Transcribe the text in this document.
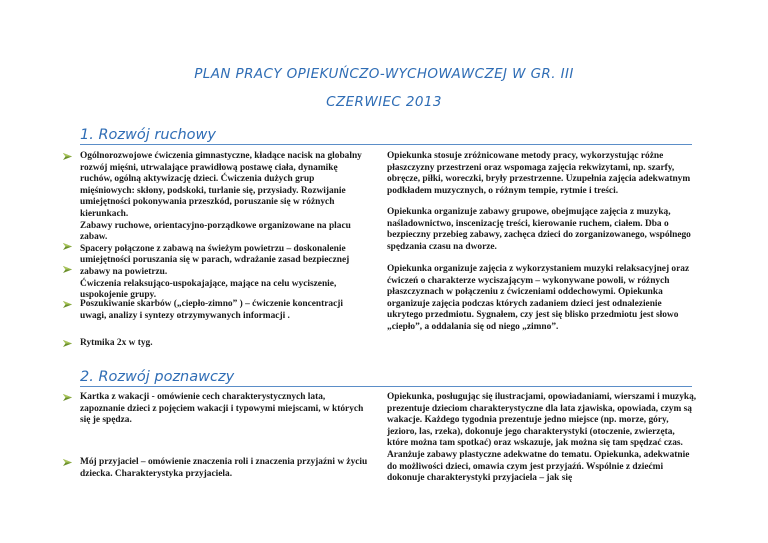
PLAN PRACY OPIEKUŃCZO-WYCHOWAWCZEJ W GR. III
CZERWIEC 2013
1. Rozwój ruchowy

Ogólnorozwojowe ćwiczenia gimnastyczne, kładące nacisk na globalny rozwój mięśni, utrwalające prawidłową postawę ciała, dynamikę ruchów, ogólną aktywizację dzieci. Ćwiczenia dużych grup mięśniowych: skłony, podskoki, turlanie się, przysiady. Rozwijanie umiejętności pokonywania przeszkód, poruszanie się w różnych kierunkach.

Zabawy ruchowe, orientacyjno-porządkowe organizowane na placu zabaw.

Spacery połączone z zabawą na świeżym powietrzu – doskonalenie umiejętności poruszania się w parach, wdrażanie zasad bezpiecznej zabawy na powietrzu.

Ćwiczenia relaksująco-uspokajające, mające na celu wyciszenie, uspokojenie grupy.

Poszukiwanie skarbów („ciepło-zimno” ) – ćwiczenie koncentracji uwagi, analizy i syntezy otrzymywanych informacji .

Rytmika 2x w tyg.

Opiekunka stosuje zróżnicowane metody pracy, wykorzystując różne płaszczyzny przestrzeni oraz wspomaga zajęcia rekwizytami, np. szarfy, obręcze, piłki, woreczki, bryły przestrzenne. Uzupełnia zajęcia adekwatnym podkładem muzycznych, o różnym tempie, rytmie i treści.
Opiekunka organizuje zabawy grupowe, obejmujące zajęcia z muzyką, naśladownictwo, inscenizację treści, kierowanie ruchem, ciałem. Dba o bezpieczny przebieg zabawy, zachęca dzieci do zorganizowanego, wspólnego spędzania czasu na dworze.
Opiekunka organizuje zajęcia z wykorzystaniem muzyki relaksacyjnej oraz ćwiczeń o charakterze wyciszającym – wykonywane powoli, w różnych płaszczyznach w połączeniu z ćwiczeniami oddechowymi. Opiekunka organizuje zajęcia podczas których zadaniem dzieci jest odnalezienie ukrytego przedmiotu. Sygnałem, czy jest się blisko przedmiotu jest słowo „ciepło”, a oddalania się od niego „zimno”.
2. Rozwój poznawczy
Kartka z wakacji - omówienie cech charakterystycznych lata, zapoznanie dzieci z pojęciem wakacji i typowymi miejscami, w których się je spędza.
Mój przyjaciel – omówienie znaczenia roli i znaczenia przyjaźni w życiu dziecka. Charakterystyka przyjaciela.
Opiekunka, posługując się ilustracjami, opowiadaniami, wierszami i muzyką, prezentuje dzieciom charakterystyczne dla lata zjawiska, opowiada, czym są wakacje. Każdego tygodnia prezentuje jedno miejsce (np. morze, góry, jezioro, las, rzeka), dokonuje jego charakterystyki (otoczenie, zwierzęta, które można tam spotkać) oraz wskazuje, jak można się tam spędzać czas. Aranżuje zabawy plastyczne adekwatne do tematu. Opiekunka, adekwatnie do możliwości dzieci, omawia czym jest przyjaźń. Wspólnie z dziećmi dokonuje charakterystyki przyjaciela – jak się
